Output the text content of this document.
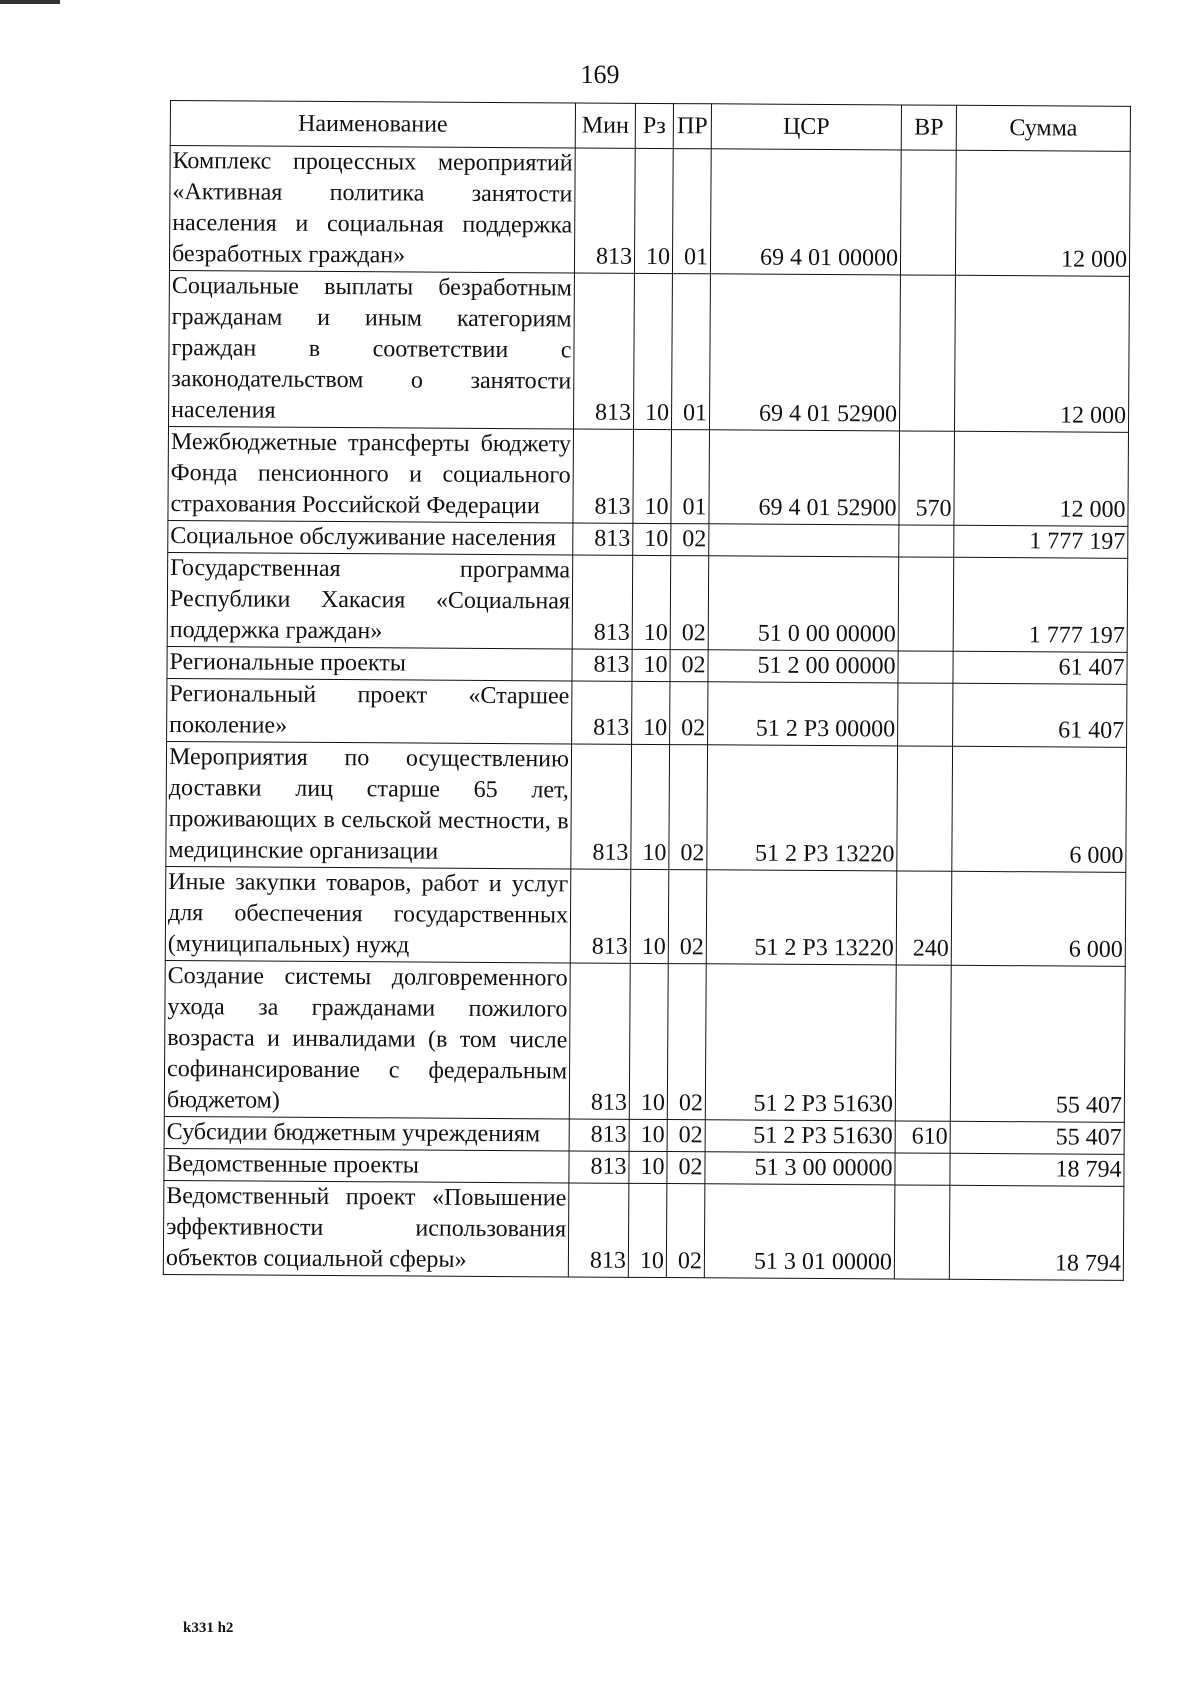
169
Наименование	Мин	Рз	ПР	ЦСР	ВР	Сумма
Комплекс процессных мероприятий «Активная политика занятости населения и социальная поддержка безработных граждан»	813	10	01	69 4 01 00000		12 000
Социальные выплаты безработным гражданам и иным категориям граждан в соответствии с законодательством о занятости населения	813	10	01	69 4 01 52900		12 000
Межбюджетные трансферты бюджету Фонда пенсионного и социального страхования Российской Федерации	813	10	01	69 4 01 52900	570	12 000
Социальное обслуживание населения	813	10	02			1 777 197
Государственная программа Республики Хакасия «Социальная поддержка граждан»	813	10	02	51 0 00 00000		1 777 197
Региональные проекты	813	10	02	51 2 00 00000		61 407
Региональный проект «Старшее поколение»	813	10	02	51 2 Р3 00000		61 407
Мероприятия по осуществлению доставки лиц старше 65 лет, проживающих в сельской местности, в медицинские организации	813	10	02	51 2 Р3 13220		6 000
Иные закупки товаров, работ и услуг для обеспечения государственных (муниципальных) нужд	813	10	02	51 2 Р3 13220	240	6 000
Создание системы долговременного ухода за гражданами пожилого возраста и инвалидами (в том числе софинансирование с федеральным бюджетом)	813	10	02	51 2 Р3 51630		55 407
Субсидии бюджетным учреждениям	813	10	02	51 2 Р3 51630	610	55 407
Ведомственные проекты	813	10	02	51 3 00 00000		18 794
Ведомственный проект «Повышение эффективности использования объектов социальной сферы»	813	10	02	51 3 01 00000		18 794
k331 h2
